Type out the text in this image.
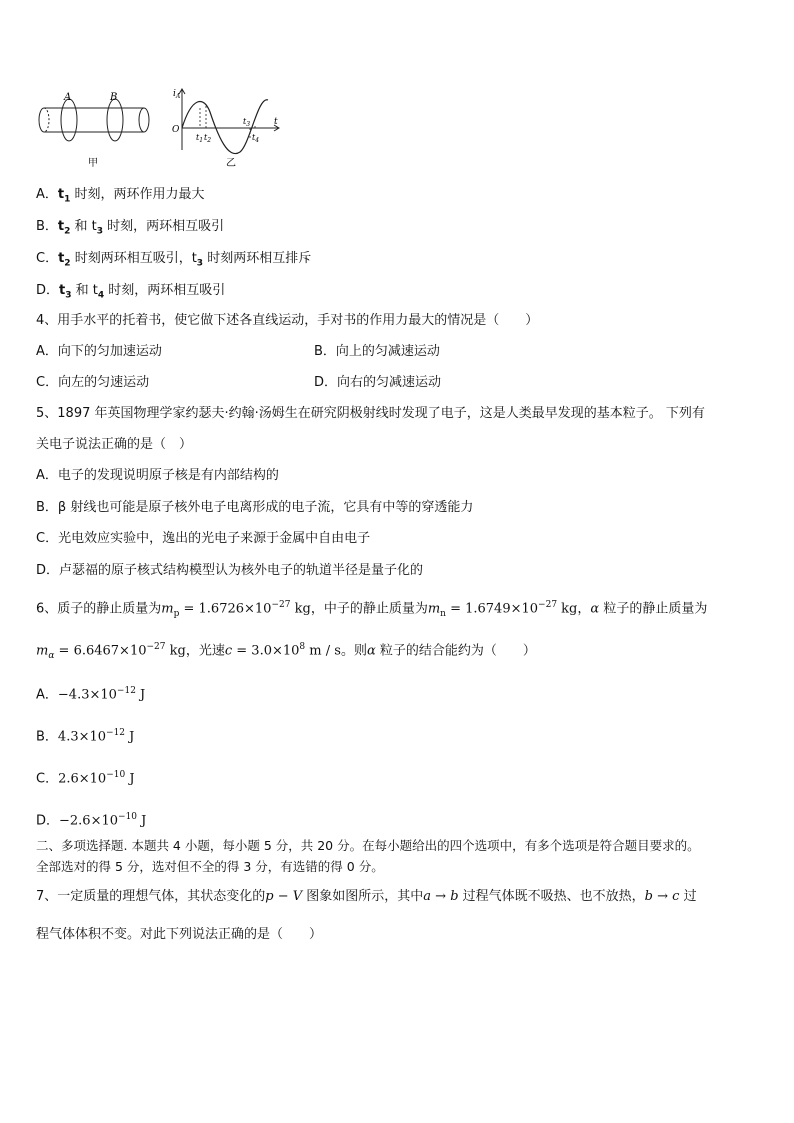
A	B
甲
$i_A$
O
t
$t_1$ $t_2$
$t_3$
$t_4$
乙
A．$t_1$ 时刻，两环作用力最大
B．$t_2$ 和 $t_3$ 时刻，两环相互吸引
C．$t_2$ 时刻两环相互吸引，$t_3$ 时刻两环相互排斥
D．$t_3$ 和 $t_4$ 时刻，两环相互吸引
4、用手水平的托着书，使它做下述各直线运动，手对书的作用力最大的情况是（　　）
A．向下的匀加速运动	B．向上的匀减速运动
C．向左的匀速运动	D．向右的匀减速运动
5、1897 年英国物理学家约瑟夫·约翰·汤姆生在研究阴极射线时发现了电子，这是人类最早发现的基本粒子。 下列有
关电子说法正确的是（　）
A．电子的发现说明原子核是有内部结构的
B．β 射线也可能是原子核外电子电离形成的电子流，它具有中等的穿透能力
C．光电效应实验中，逸出的光电子来源于金属中自由电子
D．卢瑟福的原子核式结构模型认为核外电子的轨道半径是量子化的
6、质子的静止质量为$m_p = 1.6726\times 10^{-27}$ kg，中子的静止质量为$m_n = 1.6749\times 10^{-27}$ kg，α 粒子的静止质量为
$m_\alpha = 6.6467\times 10^{-27}$ kg，光速$c = 3.0\times 10^8$ m / s。则α 粒子的结合能约为（　　）
A．$-4.3\times 10^{-12}$ J
B．$4.3\times 10^{-12}$ J
C．$2.6\times 10^{-10}$ J
D．$-2.6\times 10^{-10}$ J
二、多项选择题. 本题共 4 小题，每小题 5 分，共 20 分。在每小题给出的四个选项中，有多个选项是符合题目要求的。
全部选对的得 5 分，选对但不全的得 3 分，有选错的得 0 分。
7、一定质量的理想气体，其状态变化的p − V 图象如图所示，其中a → b 过程气体既不吸热、也不放热，b → c 过
程气体体积不变。对此下列说法正确的是（　　）
